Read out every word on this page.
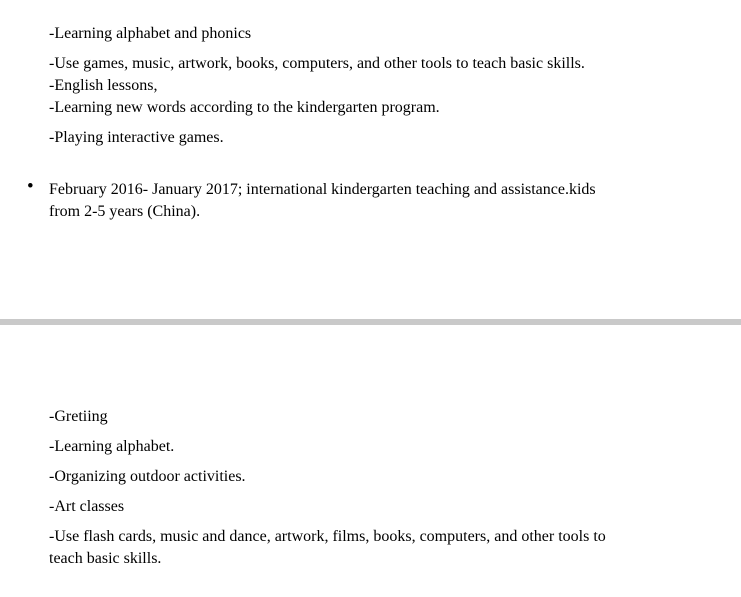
-Learning alphabet and phonics
-Use games, music, artwork, books, computers, and other tools to teach basic skills.
-English lessons,
-Learning new words according to the kindergarten program.
-Playing interactive games.
• February 2016- January 2017; international kindergarten teaching and assistance.kids
from 2-5 years (China).
-Gretiing
-Learning alphabet.
-Organizing outdoor activities.
-Art classes
-Use flash cards, music and dance, artwork, films, books, computers, and other tools to
teach basic skills.
